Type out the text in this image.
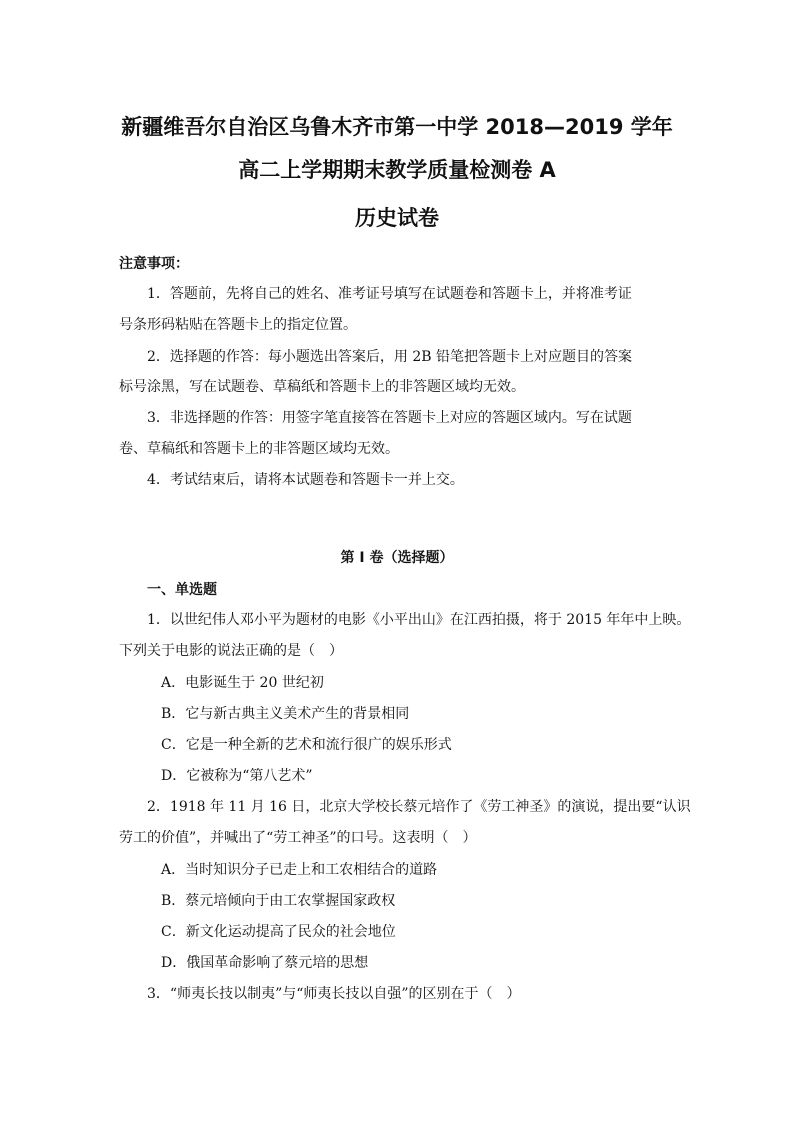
新疆维吾尔自治区乌鲁木齐市第一中学 2018—2019 学年
高二上学期期末教学质量检测卷 A
历史试卷
注意事项：
1．答题前，先将自己的姓名、准考证号填写在试题卷和答题卡上，并将准考证
号条形码粘贴在答题卡上的指定位置。
2．选择题的作答：每小题选出答案后，用 2B 铅笔把答题卡上对应题目的答案
标号涂黑，写在试题卷、草稿纸和答题卡上的非答题区域均无效。
3．非选择题的作答：用签字笔直接答在答题卡上对应的答题区域内。写在试题
卷、草稿纸和答题卡上的非答题区域均无效。
4．考试结束后，请将本试题卷和答题卡一并上交。
第 I 卷（选择题）
一、单选题
1．以世纪伟人邓小平为题材的电影《小平出山》在江西拍摄，将于 2015 年年中上映。
下列关于电影的说法正确的是（　）
A．电影诞生于 20 世纪初
B．它与新古典主义美术产生的背景相同
C．它是一种全新的艺术和流行很广的娱乐形式
D．它被称为“第八艺术”
2．1918 年 11 月 16 日，北京大学校长蔡元培作了《劳工神圣》的演说，提出要“认识
劳工的价值”，并喊出了“劳工神圣”的口号。这表明（　）
A．当时知识分子已走上和工农相结合的道路
B．蔡元培倾向于由工农掌握国家政权
C．新文化运动提高了民众的社会地位
D．俄国革命影响了蔡元培的思想
3．“师夷长技以制夷”与“师夷长技以自强”的区别在于（　）
